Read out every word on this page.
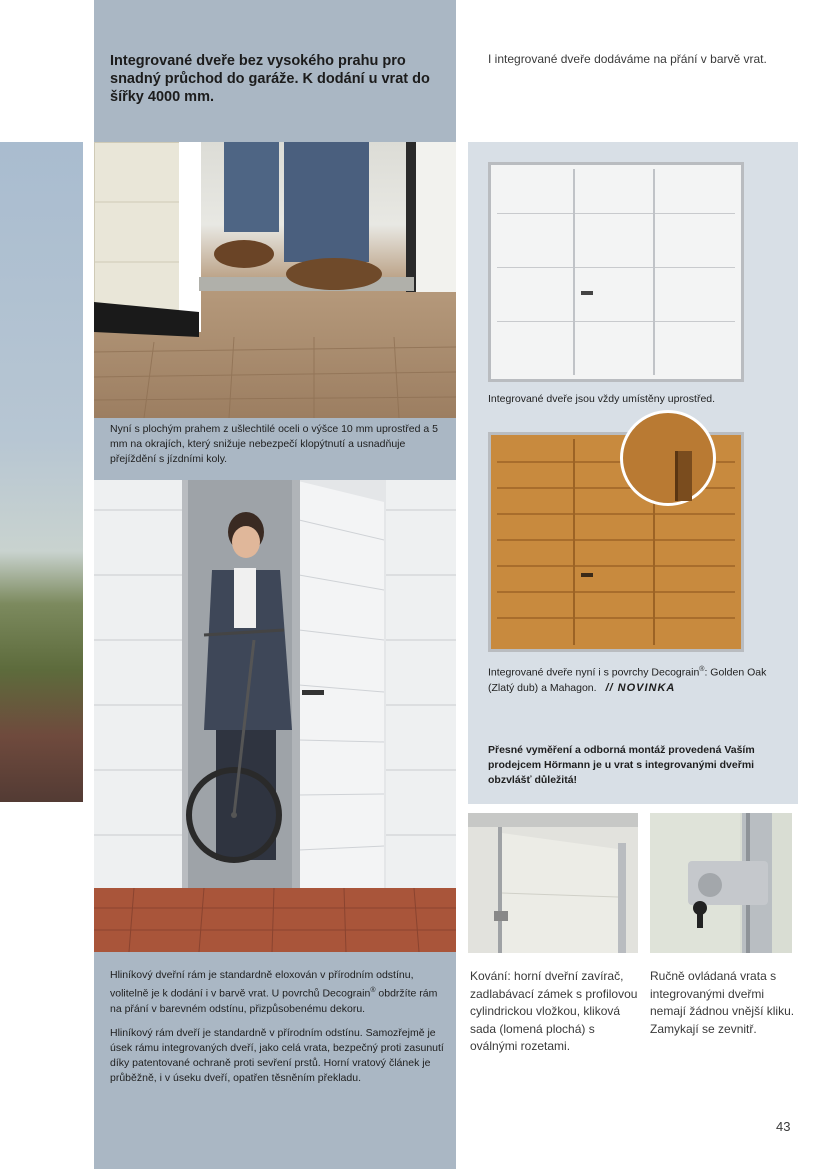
Integrované dveře bez vysokého prahu pro snadný průchod do garáže. K dodání u vrat do šířky 4000 mm.
I integrované dveře dodáváme na přání v barvě vrat.
Nyní s plochým prahem z ušlechtilé oceli o výšce 10 mm uprostřed a 5 mm na okrajích, který snižuje nebezpečí klopýtnutí a usnadňuje přejíždění s jízdními koly.
Integrované dveře jsou vždy umístěny uprostřed.
Integrované dveře nyní i s povrchy Decograin®: Golden Oak (Zlatý dub) a Mahagon. // NOVINKA
Přesné vyměření a odborná montáž provedená Vaším prodejcem Hörmann je u vrat s integrovanými dveřmi obzvlášť důležitá!
Kování: horní dveřní zavírač, zadlabávací zámek s profilovou cylindrickou vložkou, kliková sada (lomená plochá) s oválnými rozetami.
Ručně ovládaná vrata s integrovanými dveřmi nemají žádnou vnější kliku. Zamykají se zevnitř.
Hliníkový dveřní rám je standardně eloxován v přírodním odstínu, volitelně je k dodání i v barvě vrat. U povrchů Decograin® obdržíte rám na přání v barevném odstínu, přizpůsobenému dekoru.
Hliníkový rám dveří je standardně v přírodním odstínu. Samozřejmě je úsek rámu integrovaných dveří, jako celá vrata, bezpečný proti zasunutí díky patentované ochraně proti sevření prstů. Horní vratový článek je průběžně, i v úseku dveří, opatřen těsněním překladu.
43
